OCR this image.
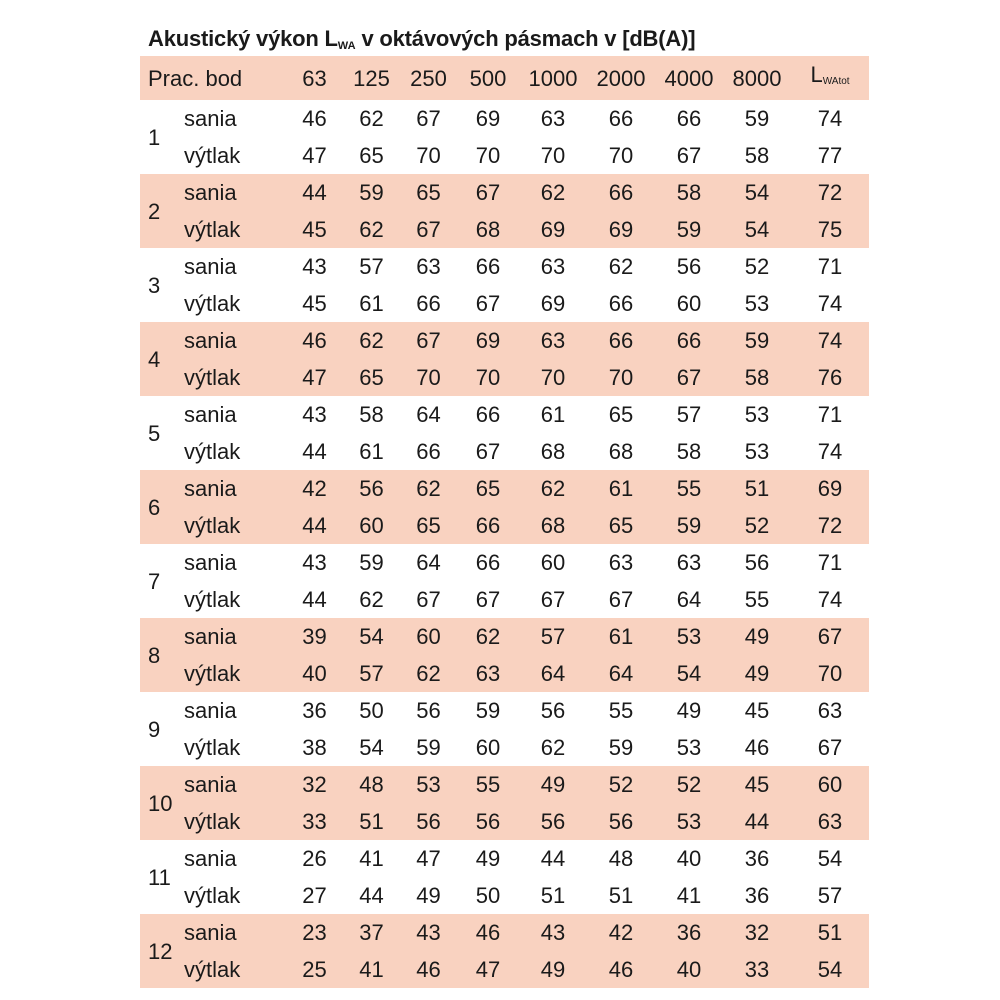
Akustický výkon $L_{WA}$ v oktávových pásmach v [dB(A)]
Prac. bod		63	125	250	500	1000	2000	4000	8000	LWAtot
1	sania	46	62	67	69	63	66	66	59	74
	výtlak	47	65	70	70	70	70	67	58	77
2	sania	44	59	65	67	62	66	58	54	72
	výtlak	45	62	67	68	69	69	59	54	75
3	sania	43	57	63	66	63	62	56	52	71
	výtlak	45	61	66	67	69	66	60	53	74
4	sania	46	62	67	69	63	66	66	59	74
	výtlak	47	65	70	70	70	70	67	58	76
5	sania	43	58	64	66	61	65	57	53	71
	výtlak	44	61	66	67	68	68	58	53	74
6	sania	42	56	62	65	62	61	55	51	69
	výtlak	44	60	65	66	68	65	59	52	72
7	sania	43	59	64	66	60	63	63	56	71
	výtlak	44	62	67	67	67	67	64	55	74
8	sania	39	54	60	62	57	61	53	49	67
	výtlak	40	57	62	63	64	64	54	49	70
9	sania	36	50	56	59	56	55	49	45	63
	výtlak	38	54	59	60	62	59	53	46	67
10	sania	32	48	53	55	49	52	52	45	60
	výtlak	33	51	56	56	56	56	53	44	63
11	sania	26	41	47	49	44	48	40	36	54
	výtlak	27	44	49	50	51	51	41	36	57
12	sania	23	37	43	46	43	42	36	32	51
	výtlak	25	41	46	47	49	46	40	33	54
